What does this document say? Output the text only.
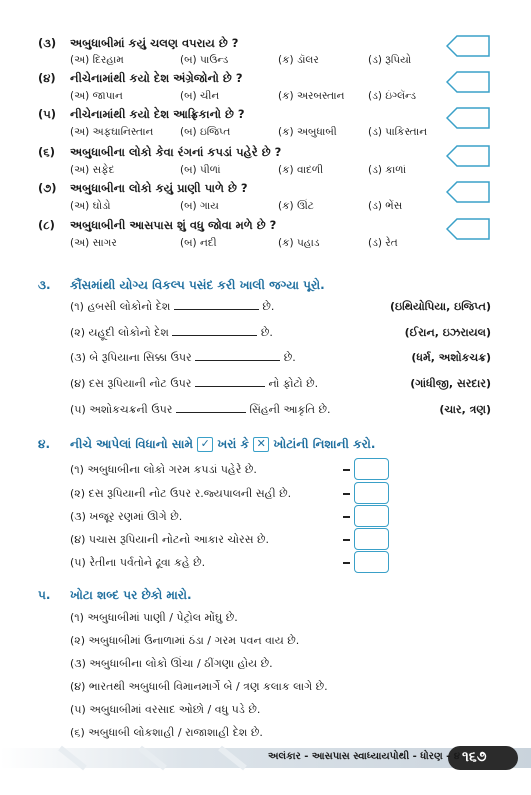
(૩) અબુધાબીમાં કયું ચલણ વપરાય છે ?
(અ) દિરહામ	(બ) પાઉન્ડ	(ક) ડૉલર	(ડ) રૂપિયો
(૪) નીચેનામાંથી કયો દેશ અંગ્રેજોનો છે ?
(અ) જાપાન	(બ) ચીન	(ક) અરબસ્તાન (ડ) ઇંગ્લૅન્ડ
(૫) નીચેનામાંથી કયો દેશ આફ્રિકાનો છે ?
(અ) અફઘાનિસ્તાન	(બ) ઇજિપ્ત	(ક) અબુધાબી	(ડ) પાકિસ્તાન
(૬) અબુધાબીના લોકો કેવા રંગનાં કપડાં પહેરે છે ?
(અ) સફેદ	(બ) પીળાં	(ક) વાદળી	(ડ) કાળાં
(૭) અબુધાબીના લોકો કયું પ્રાણી પાળે છે ?
(અ) ઘોડો	(બ) ગાય	(ક) ઊંટ	(ડ) ભેંસ
(૮) અબુધાબીની આસપાસ શું વધુ જોવા મળે છે ?
(અ) સાગર	(બ) નદી	(ક) પહાડ	(ડ) રેત
૩. કૌંસમાંથી યોગ્ય વિકલ્પ પસંદ કરી ખાલી જગ્યા પૂરો.
(૧) હબસી લોકોનો દેશ	છે.	(ઇથિયોપિયા, ઇજિપ્ત)
(૨) યહૂદી લોકોનો દેશ	છે.	(ઈરાન, ઇઝરાયલ)
(૩) બે રૂપિયાના સિક્કા ઉપર	છે.	(ધર્મ, અશોકચક્ર)
(૪) દસ રૂપિયાની નોટ ઉપર	નો ફોટો છે.	(ગાંધીજી, સરદાર)
(૫) અશોકચક્રની ઉપર	સિંહની આકૃતિ છે.	(ચાર, ત્રણ)
૪. નીચે આપેલાં વિધાનો સામે ✓ ખરાં કે ✕ ખોટાંની નિશાની કરો.
(૧) અબુધાબીના લોકો ગરમ કપડાં પહેરે છે.
(૨) દસ રૂપિયાની નોટ ઉપર ર.જ્યપાલની સહી છે.
(૩) ખજૂર રણમાં ઊગે છે.
(૪) પચાસ રૂપિયાની નોટનો આકાર ચોરસ છે.
(૫) રેતીના પર્વતોને ઢૂવા કહે છે.
૫. ખોટા શબ્દ પર છેકો મારો.
(૧) અબુધાબીમાં પાણી / પેટ્રોલ મોંઘુ છે.
(૨) અબુધાબીમાં ઉનાળામાં ઠંડા / ગરમ પવન વાય છે.
(૩) અબુધાબીના લોકો ઊંચા / ઠીંગણા હોય છે.
(૪) ભારતથી અબુધાબી વિમાનમાર્ગે બે / ત્રણ કલાક લાગે છે.
(૫) અબુધાબીમાં વરસાદ ઓછો / વધુ પડે છે.
(૬) અબુધાબી લોકશાહી / રાજાશાહી દેશ છે.
અલંકાર - આસપાસ સ્વાધ્યાયપોથી - ધોરણ - ૪ ૧૬૭
